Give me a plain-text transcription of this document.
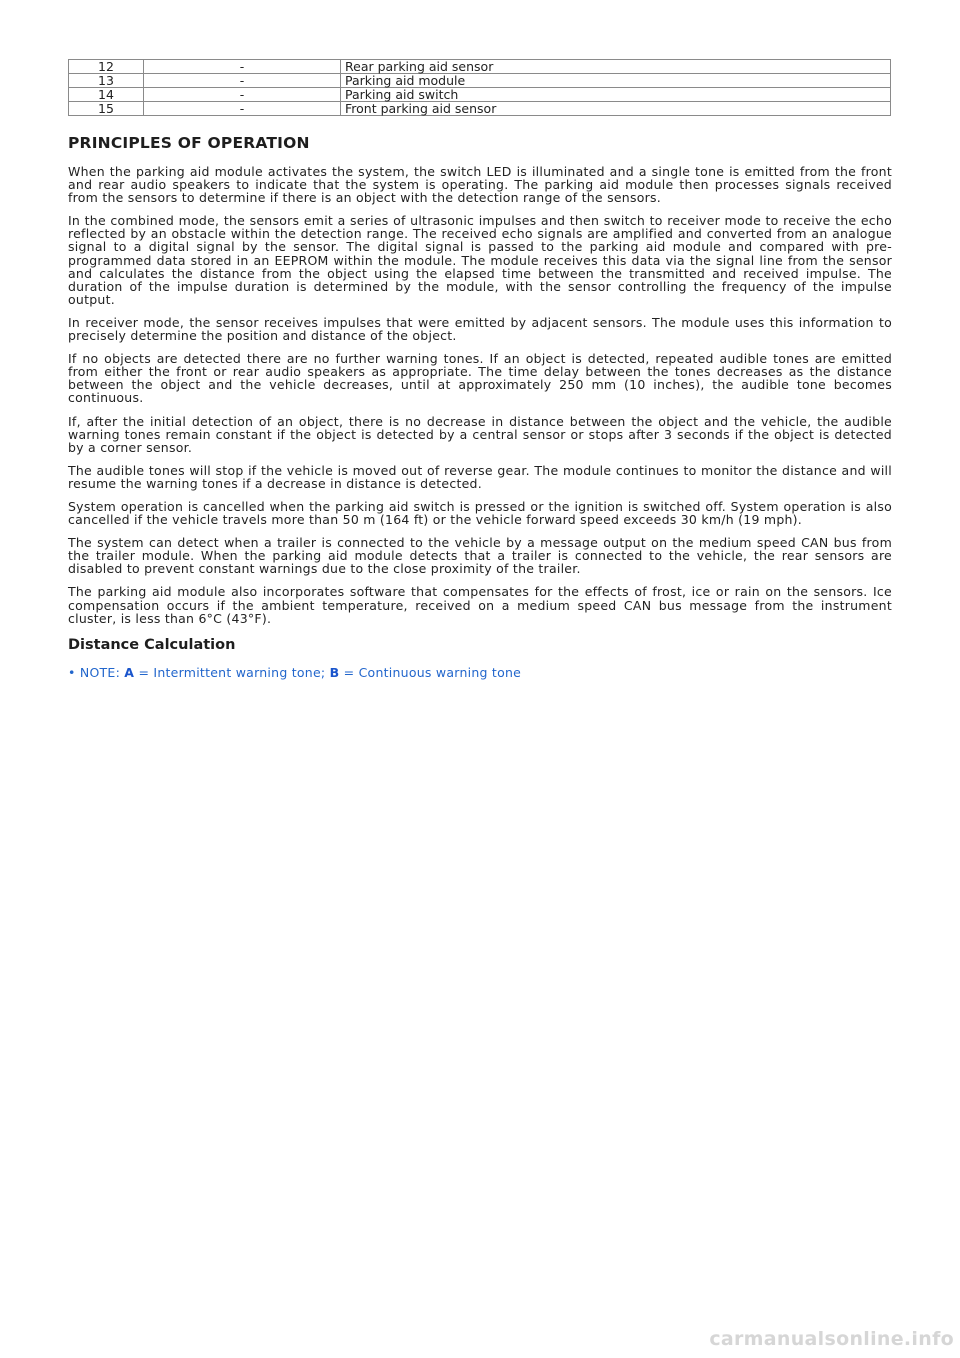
12	-	Rear parking aid sensor
13	-	Parking aid module
14	-	Parking aid switch
15	-	Front parking aid sensor
PRINCIPLES OF OPERATION

When the parking aid module activates the system, the switch LED is illuminated and a single tone is emitted from the front and rear audio speakers to indicate that the system is operating. The parking aid module then processes signals received from the sensors to determine if there is an object with the detection range of the sensors.

In the combined mode, the sensors emit a series of ultrasonic impulses and then switch to receiver mode to receive the echo reflected by an obstacle within the detection range. The received echo signals are amplified and converted from an analogue signal to a digital signal by the sensor. The digital signal is passed to the parking aid module and compared with pre-programmed data stored in an EEPROM within the module. The module receives this data via the signal line from the sensor and calculates the distance from the object using the elapsed time between the transmitted and received impulse. The duration of the impulse duration is determined by the module, with the sensor controlling the frequency of the impulse output.

In receiver mode, the sensor receives impulses that were emitted by adjacent sensors. The module uses this information to precisely determine the position and distance of the object.

If no objects are detected there are no further warning tones. If an object is detected, repeated audible tones are emitted from either the front or rear audio speakers as appropriate. The time delay between the tones decreases as the distance between the object and the vehicle decreases, until at approximately 250 mm (10 inches), the audible tone becomes continuous.

If, after the initial detection of an object, there is no decrease in distance between the object and the vehicle, the audible warning tones remain constant if the object is detected by a central sensor or stops after 3 seconds if the object is detected by a corner sensor.

The audible tones will stop if the vehicle is moved out of reverse gear. The module continues to monitor the distance and will resume the warning tones if a decrease in distance is detected.

System operation is cancelled when the parking aid switch is pressed or the ignition is switched off. System operation is also cancelled if the vehicle travels more than 50 m (164 ft) or the vehicle forward speed exceeds 30 km/h (19 mph).

The system can detect when a trailer is connected to the vehicle by a message output on the medium speed CAN bus from the trailer module. When the parking aid module detects that a trailer is connected to the vehicle, the rear sensors are disabled to prevent constant warnings due to the close proximity of the trailer.

The parking aid module also incorporates software that compensates for the effects of frost, ice or rain on the sensors. Ice compensation occurs if the ambient temperature, received on a medium speed CAN bus message from the instrument cluster, is less than 6°C (43°F).

Distance Calculation
• NOTE: A = Intermittent warning tone; B = Continuous warning tone
carmanualsonline.info
